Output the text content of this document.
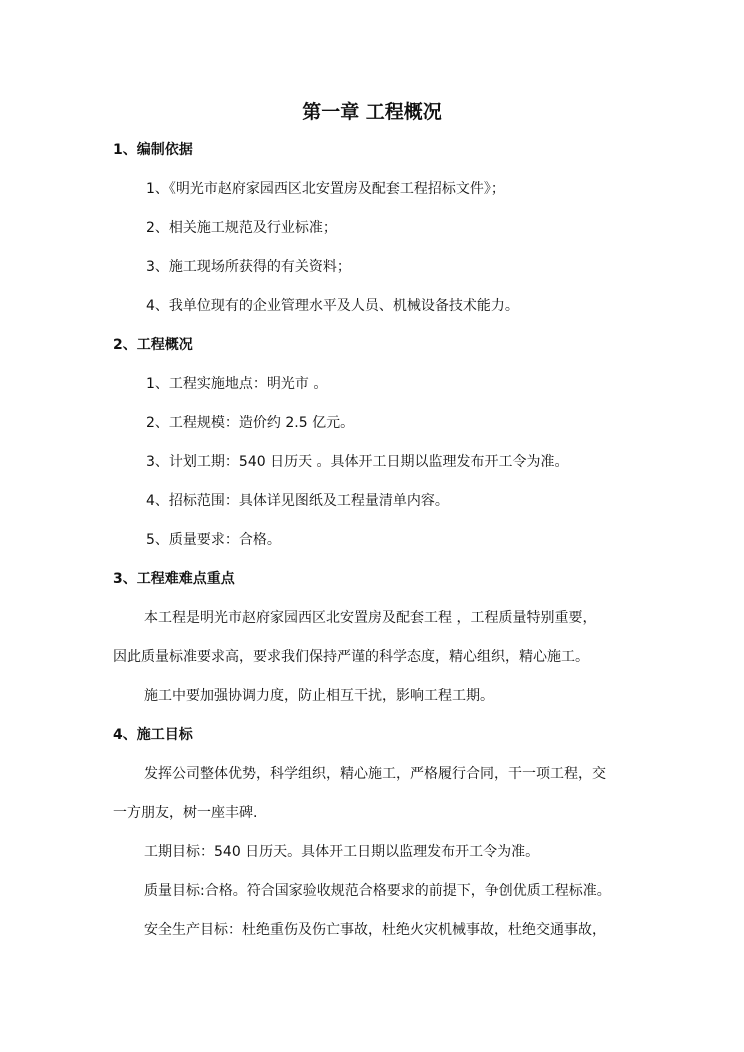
第一章 工程概况
1、编制依据
1、《明光市赵府家园西区北安置房及配套工程招标文件》；
2、相关施工规范及行业标准；
3、施工现场所获得的有关资料；
4、我单位现有的企业管理水平及人员、机械设备技术能力。
2、工程概况
1、工程实施地点：明光市 。
2、工程规模：造价约 2.5 亿元。
3、计划工期：540 日历天 。具体开工日期以监理发布开工令为准。
4、招标范围：具体详见图纸及工程量清单内容。
5、质量要求：合格。
3、工程难难点重点
本工程是明光市赵府家园西区北安置房及配套工程 ，工程质量特别重要，
因此质量标准要求高，要求我们保持严谨的科学态度，精心组织，精心施工。
施工中要加强协调力度，防止相互干扰，影响工程工期。
4、施工目标
发挥公司整体优势，科学组织，精心施工，严格履行合同，干一项工程，交
一方朋友，树一座丰碑.
工期目标：540 日历天。具体开工日期以监理发布开工令为准。
质量目标:合格。符合国家验收规范合格要求的前提下，争创优质工程标准。
安全生产目标：杜绝重伤及伤亡事故，杜绝火灾机械事故，杜绝交通事故，
